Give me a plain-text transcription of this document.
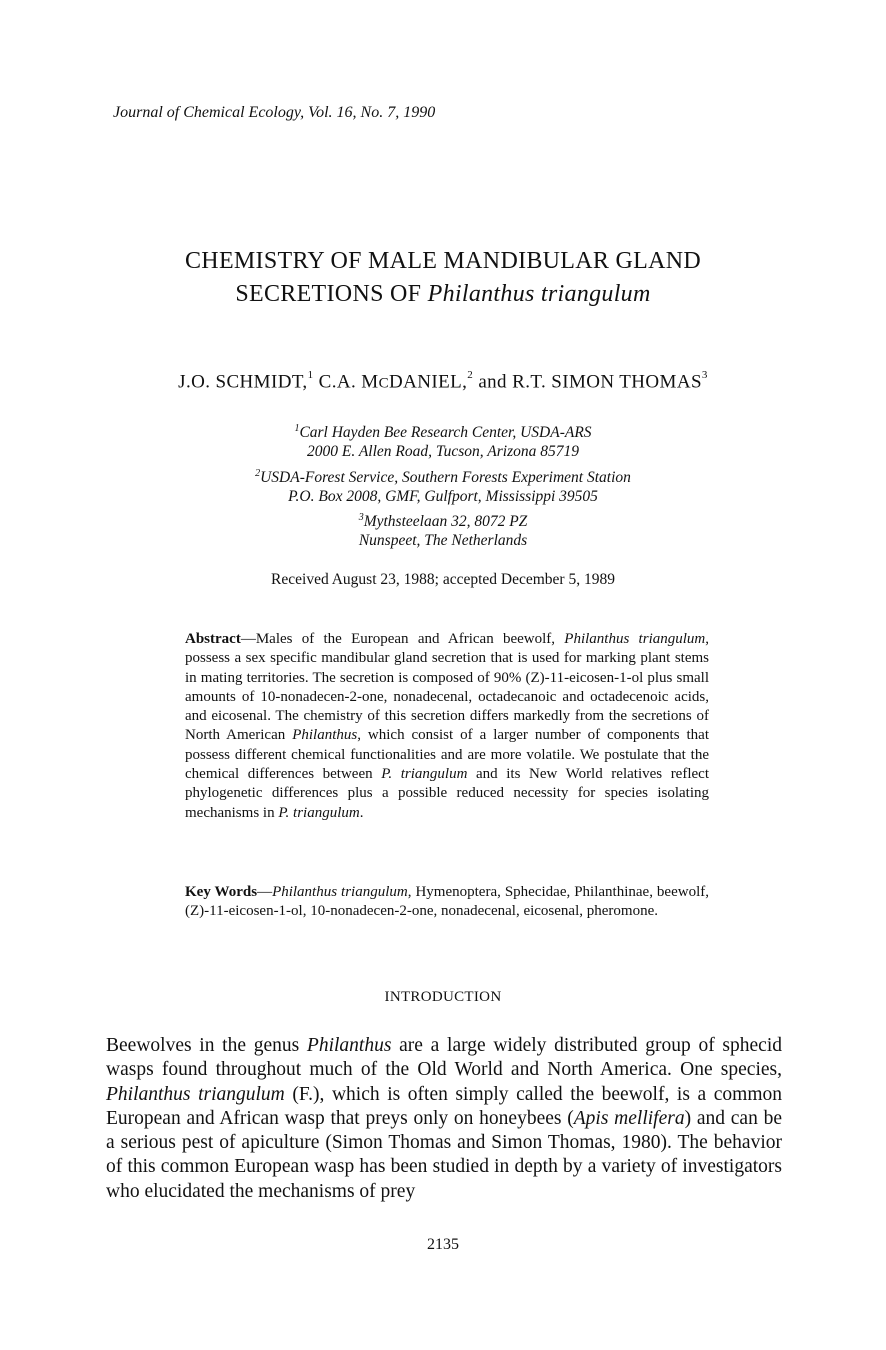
Journal of Chemical Ecology, Vol. 16, No. 7, 1990
CHEMISTRY OF MALE MANDIBULAR GLAND
SECRETIONS OF Philanthus triangulum
J.O. SCHMIDT,$^1$ C.A. MCDANIEL,$^2$ and R.T. SIMON THOMAS$^3$
$^1$Carl Hayden Bee Research Center, USDA-ARS
2000 E. Allen Road, Tucson, Arizona 85719
$^2$USDA-Forest Service, Southern Forests Experiment Station
P.O. Box 2008, GMF, Gulfport, Mississippi 39505
$^3$Mythsteelaan 32, 8072 PZ
Nunspeet, The Netherlands
Received August 23, 1988; accepted December 5, 1989
Abstract—Males of the European and African beewolf, Philanthus triangulum, possess a sex specific mandibular gland secretion that is used for marking plant stems in mating territories. The secretion is composed of 90% (Z)-11-eicosen-1-ol plus small amounts of 10-nonadecen-2-one, nonadecenal, octadecanoic and octadecenoic acids, and eicosenal. The chemistry of this secretion differs markedly from the secretions of North American Philanthus, which consist of a larger number of components that possess different chemical functionalities and are more volatile. We postulate that the chemical differences between P. triangulum and its New World relatives reflect phylogenetic differences plus a possible reduced necessity for species isolating mechanisms in P. triangulum.
Key Words—Philanthus triangulum, Hymenoptera, Sphecidae, Philanthinae, beewolf, (Z)-11-eicosen-1-ol, 10-nonadecen-2-one, nonadecenal, eicosenal, pheromone.
INTRODUCTION
Beewolves in the genus Philanthus are a large widely distributed group of sphecid wasps found throughout much of the Old World and North America. One species, Philanthus triangulum (F.), which is often simply called the beewolf, is a common European and African wasp that preys only on honeybees (Apis mellifera) and can be a serious pest of apiculture (Simon Thomas and Simon Thomas, 1980). The behavior of this common European wasp has been studied in depth by a variety of investigators who elucidated the mechanisms of prey
2135
